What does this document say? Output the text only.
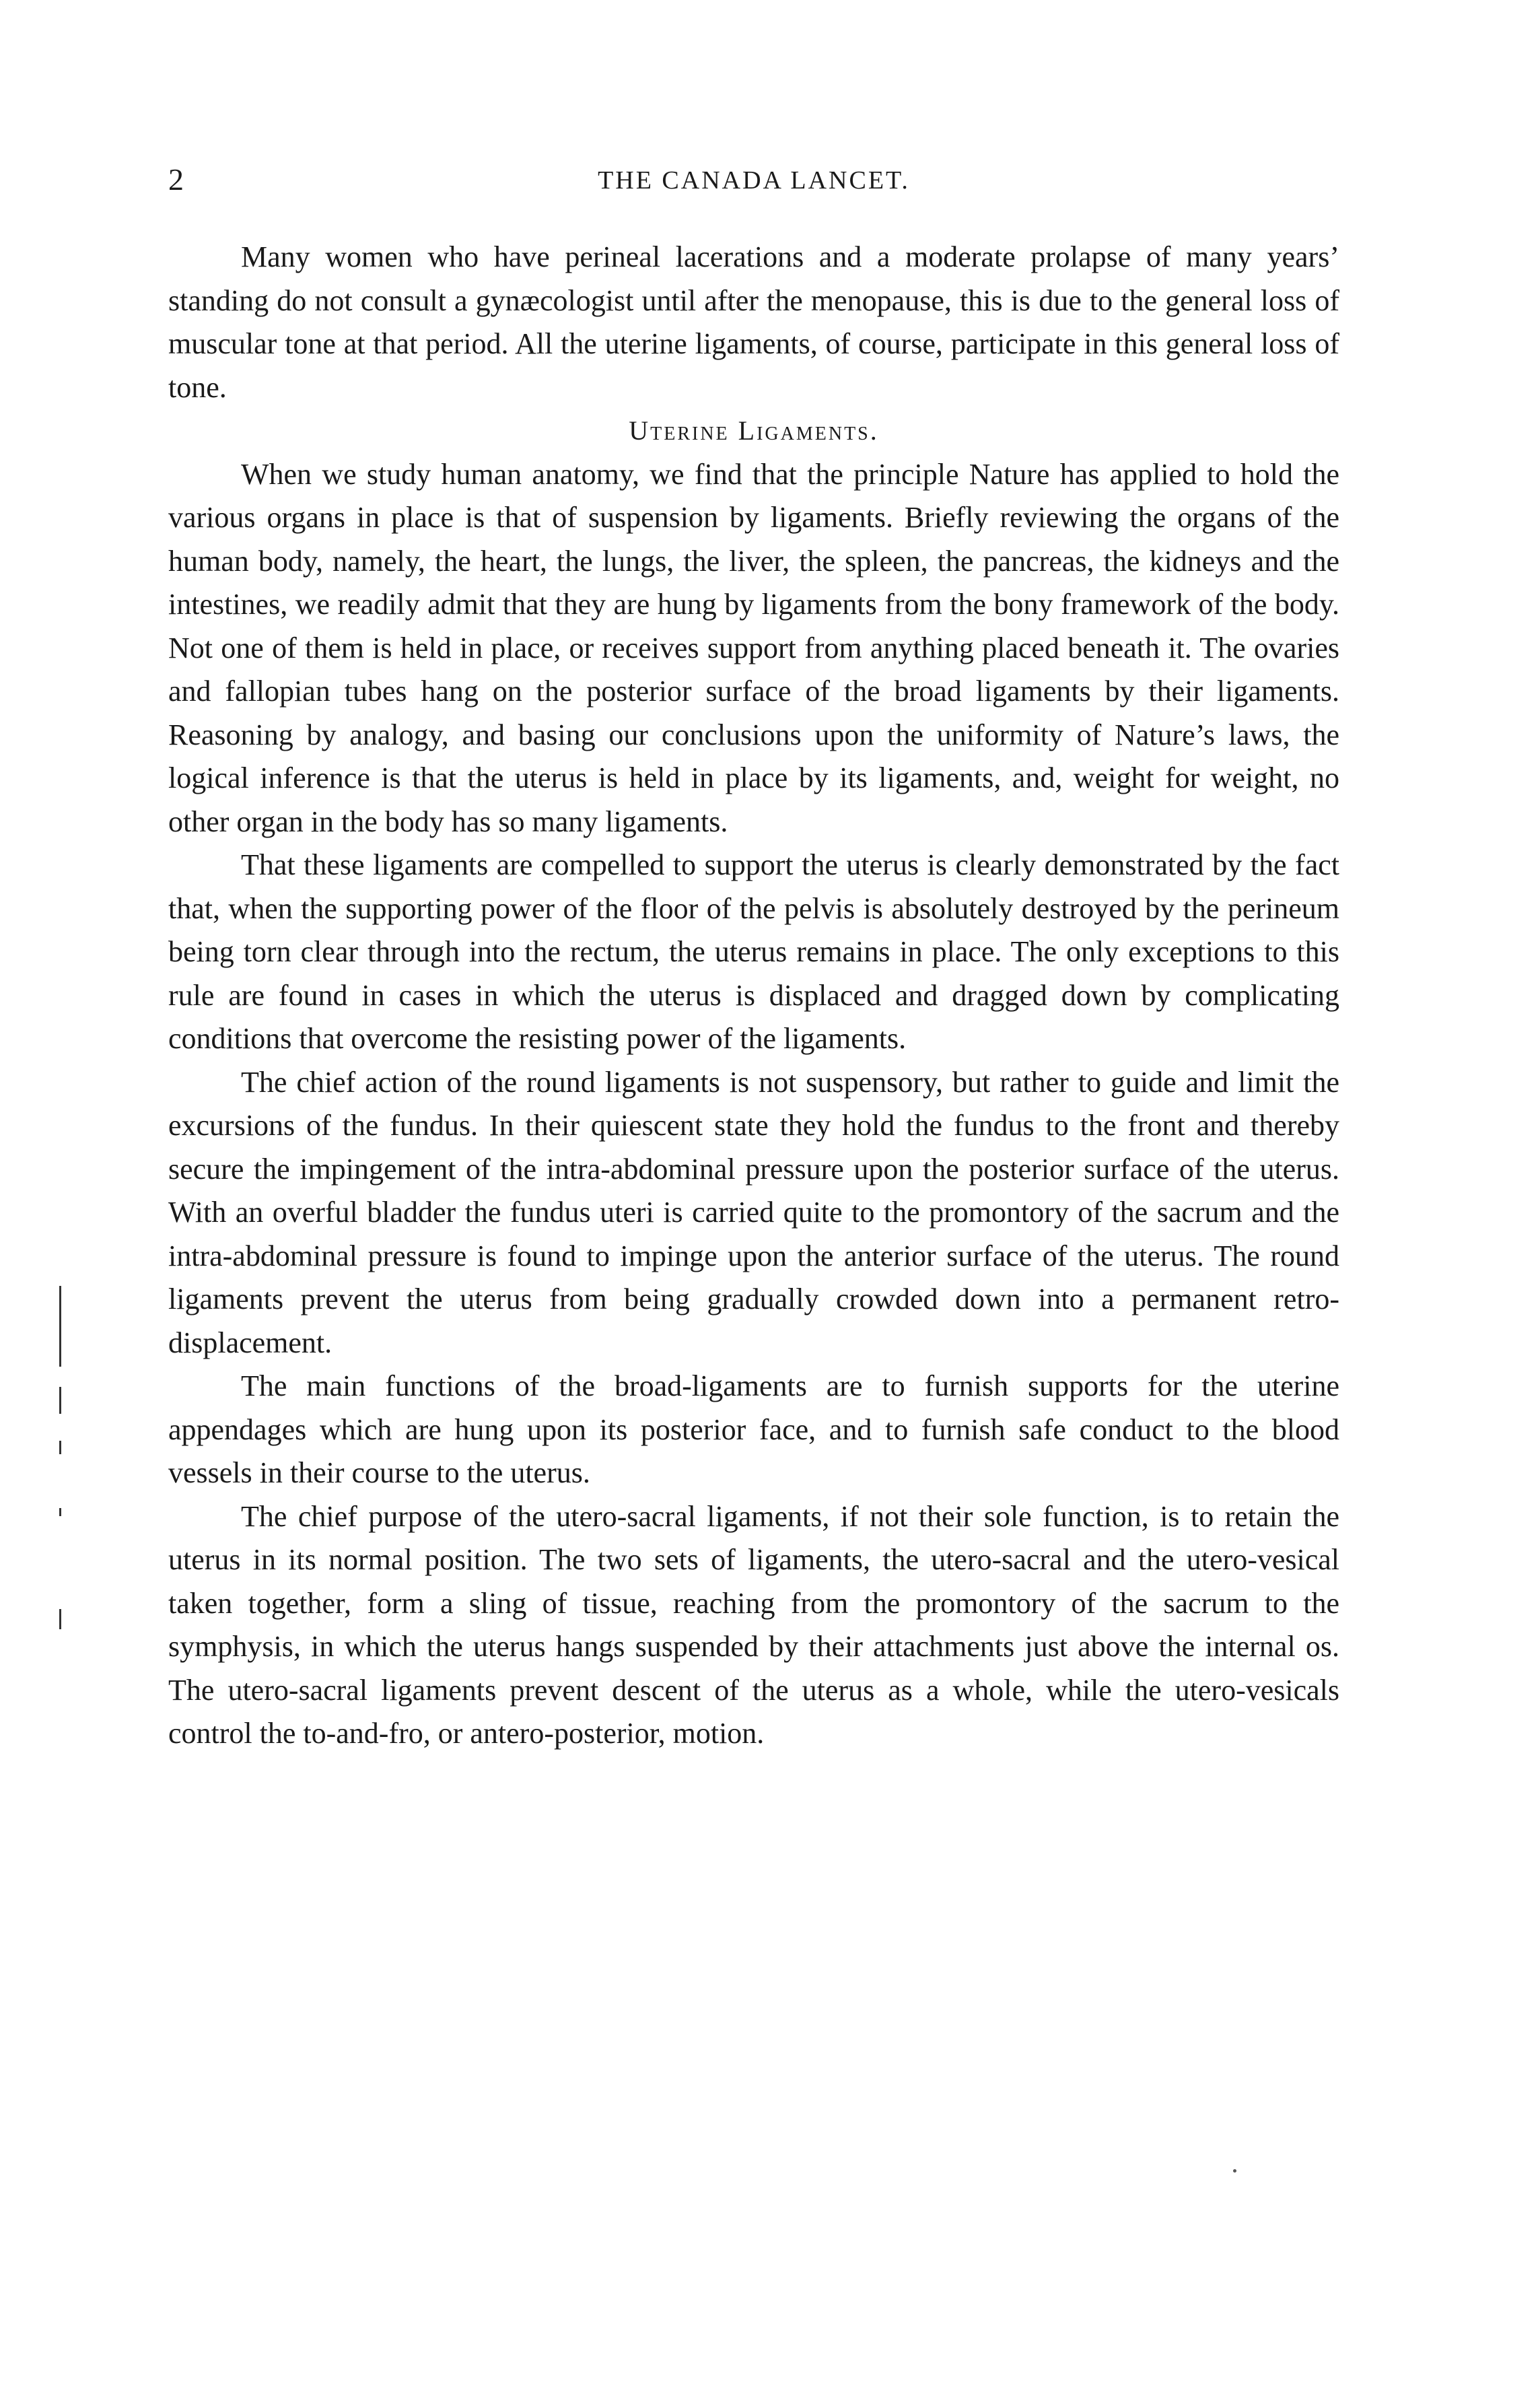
2	THE CANADA LANCET.

Many women who have perineal lacerations and a moderate prolapse of many years’ standing do not consult a gynæcologist until after the menopause, this is due to the general loss of muscular tone at that period. All the uterine ligaments, of course, participate in this general loss of tone.

Uterine Ligaments.

When we study human anatomy, we find that the principle Nature has applied to hold the various organs in place is that of suspension by ligaments. Briefly reviewing the organs of the human body, namely, the heart, the lungs, the liver, the spleen, the pancreas, the kidneys and the intestines, we readily admit that they are hung by ligaments from the bony framework of the body. Not one of them is held in place, or receives support from anything placed beneath it. The ovaries and fallopian tubes hang on the posterior surface of the broad ligaments by their ligaments. Reasoning by analogy, and basing our conclusions upon the uniformity of Nature’s laws, the logical inference is that the uterus is held in place by its ligaments, and, weight for weight, no other organ in the body has so many ligaments.

That these ligaments are compelled to support the uterus is clearly demonstrated by the fact that, when the supporting power of the floor of the pelvis is absolutely destroyed by the perineum being torn clear through into the rectum, the uterus remains in place. The only exceptions to this rule are found in cases in which the uterus is displaced and dragged down by complicating conditions that overcome the resisting power of the ligaments.

The chief action of the round ligaments is not suspensory, but rather to guide and limit the excursions of the fundus. In their quiescent state they hold the fundus to the front and thereby secure the impingement of the intra-abdominal pressure upon the posterior surface of the uterus. With an overful bladder the fundus uteri is carried quite to the promontory of the sacrum and the intra-abdominal pressure is found to impinge upon the anterior surface of the uterus. The round ligaments prevent the uterus from being gradually crowded down into a permanent retro-displacement.

The main functions of the broad-ligaments are to furnish supports for the uterine appendages which are hung upon its posterior face, and to furnish safe conduct to the blood vessels in their course to the uterus.

The chief purpose of the utero-sacral ligaments, if not their sole function, is to retain the uterus in its normal position. The two sets of ligaments, the utero-sacral and the utero-vesical taken together, form a sling of tissue, reaching from the promontory of the sacrum to the symphysis, in which the uterus hangs suspended by their attachments just above the internal os. The utero-sacral ligaments prevent descent of the uterus as a whole, while the utero-vesicals control the to-and-fro, or antero-posterior, motion.
